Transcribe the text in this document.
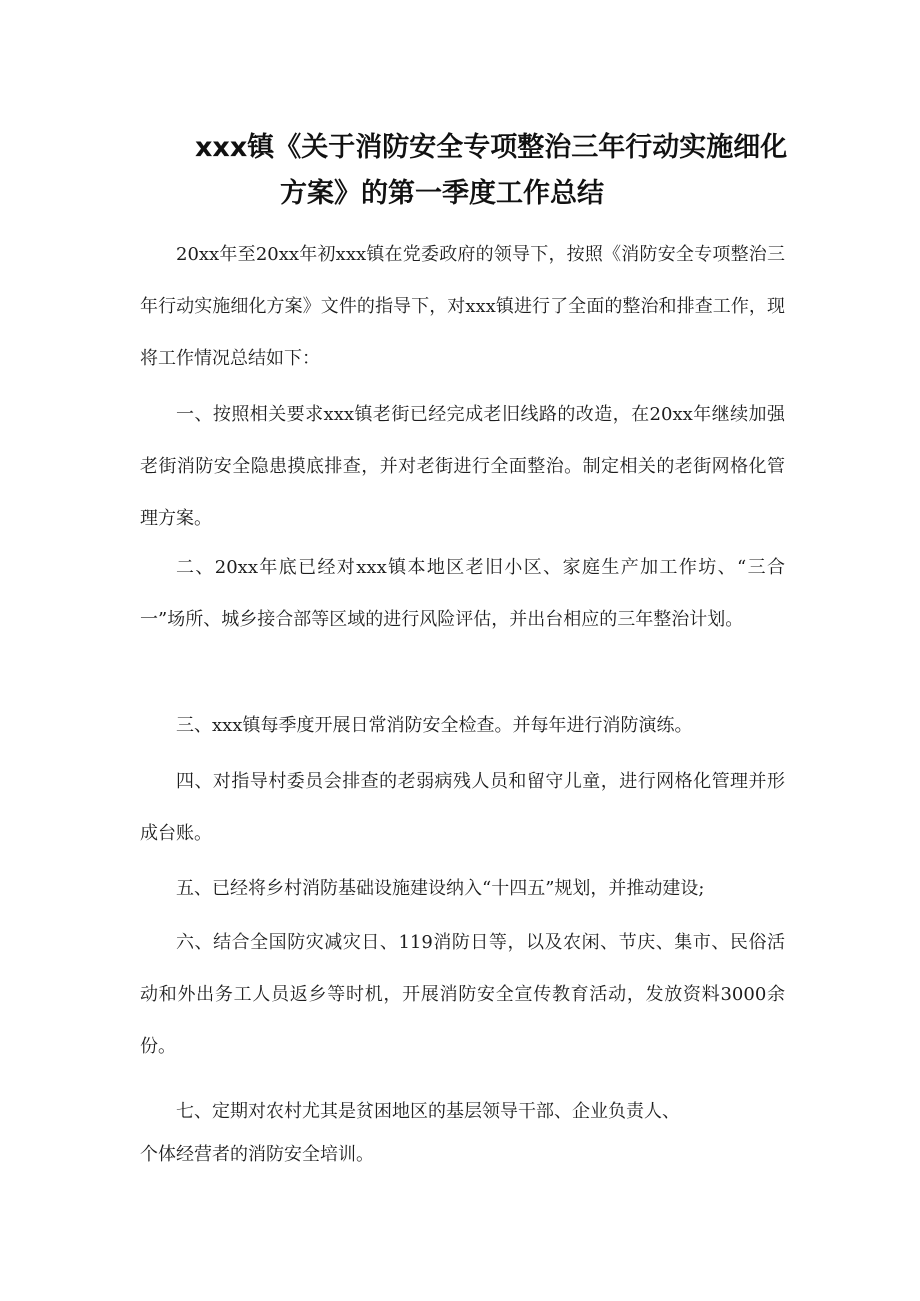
xxx镇《关于消防安全专项整治三年行动实施细化
方案》的第一季度工作总结

20xx年至20xx年初xxx镇在党委政府的领导下，按照《消防安全专项整治三年行动实施细化方案》文件的指导下，对xxx镇进行了全面的整治和排查工作，现将工作情况总结如下：

一、按照相关要求xxx镇老街已经完成老旧线路的改造，在20xx年继续加强老街消防安全隐患摸底排查，并对老街进行全面整治。制定相关的老街网格化管理方案。

二、20xx年底已经对xxx镇本地区老旧小区、家庭生产加工作坊、“三合一”场所、城乡接合部等区域的进行风险评估，并出台相应的三年整治计划。

三、xxx镇每季度开展日常消防安全检查。并每年进行消防演练。

四、对指导村委员会排查的老弱病残人员和留守儿童，进行网格化管理并形成台账。

五、已经将乡村消防基础设施建设纳入“十四五”规划，并推动建设;

六、结合全国防灾减灾日、119消防日等，以及农闲、节庆、集市、民俗活动和外出务工人员返乡等时机，开展消防安全宣传教育活动，发放资料3000余份。

七、定期对农村尤其是贫困地区的基层领导干部、企业负责人、

个体经营者的消防安全培训。
